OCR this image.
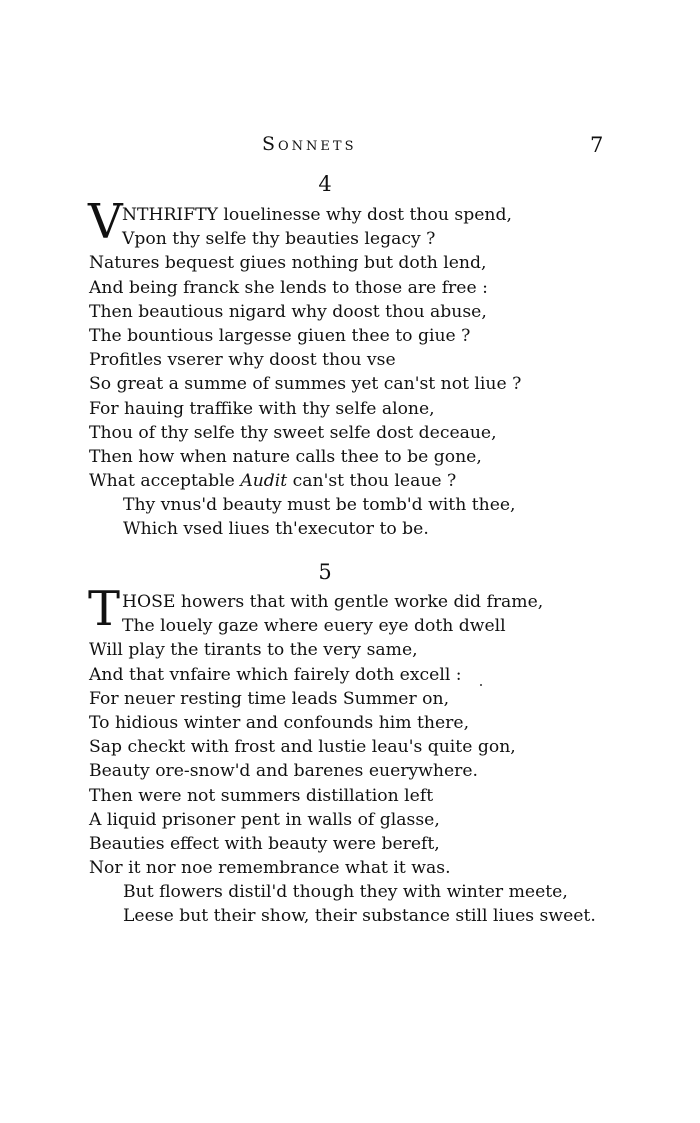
Sonnets	7
4
V NTHRIFTY louelinesse why dost thou spend,
Vpon thy selfe thy beauties legacy ?
Natures bequest giues nothing but doth lend,
And being franck she lends to those are free :
Then beautious nigard why doost thou abuse,
The bountious largesse giuen thee to giue ?
Profitles vserer why doost thou vse
So great a summe of summes yet can'st not liue ?
For hauing traffike with thy selfe alone,
Thou of thy selfe thy sweet selfe dost deceaue,
Then how when nature calls thee to be gone,
What acceptable Audit can'st thou leaue ?
Thy vnus'd beauty must be tomb'd with thee,
Which vsed liues th'executor to be.
5
T HOSE howers that with gentle worke did frame,
The louely gaze where euery eye doth dwell
Will play the tirants to the very same,
And that vnfaire which fairely doth excell :
For neuer resting time leads Summer on,
To hidious winter and confounds him there,
Sap checkt with frost and lustie leau's quite gon,
Beauty ore-snow'd and barenes euerywhere.
Then were not summers distillation left
A liquid prisoner pent in walls of glasse,
Beauties effect with beauty were bereft,
Nor it nor noe remembrance what it was.
But flowers distil'd though they with winter meete,
Leese but their show, their substance still liues sweet.
